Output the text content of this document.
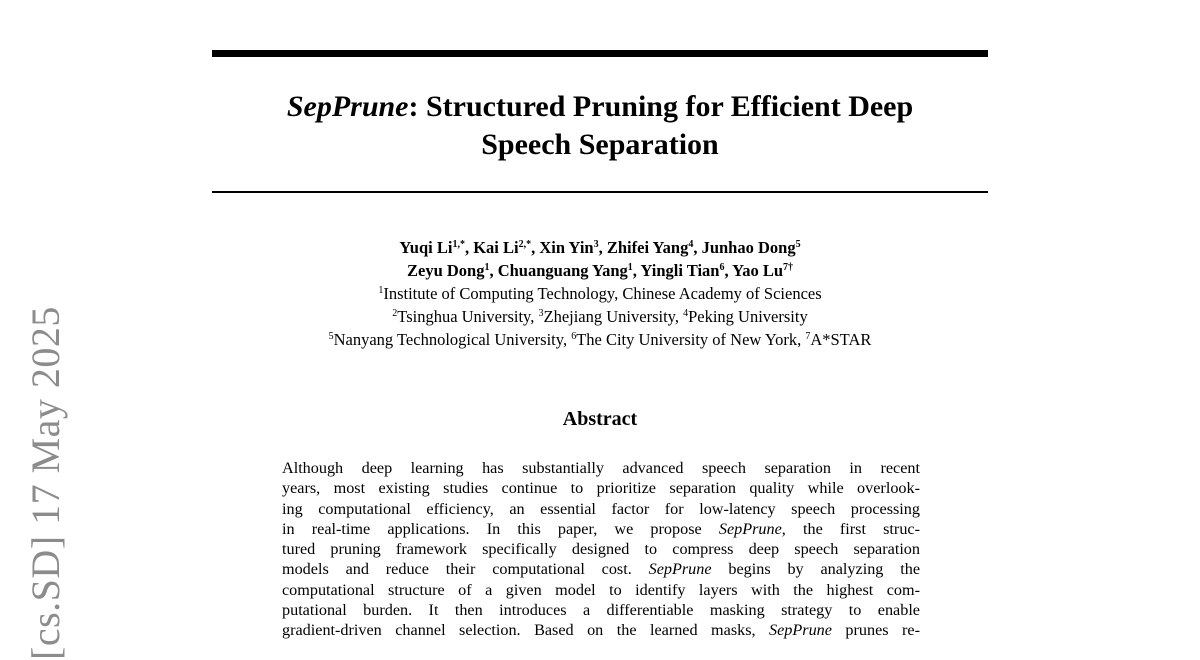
[cs.SD] 17 May 2025
SepPrune: Structured Pruning for Efficient Deep
Speech Separation
Yuqi $Li^{1,*}$, Kai $Li^{2,*}$, Xin Yin$^3$, Zhifei Yang$^4$, Junhao Dong$^5$
Zeyu Dong$^1$, Chuanguang Yang$^1$, Yingli Tian$^6$, Yao $Lu^{7\dagger}$
$^1$Institute of Computing Technology, Chinese Academy of Sciences
$^2$Tsinghua University, $^3$Zhejiang University, $^4$Peking University
$^5$Nanyang Technological University, $^6$The City University of New York, $^7$A*STAR
Abstract
Although deep learning has substantially advanced speech separation in recent
years, most existing studies continue to prioritize separation quality while overlook-
ing computational efficiency, an essential factor for low-latency speech processing
in real-time applications. In this paper, we propose SepPrune, the first struc-
tured pruning framework specifically designed to compress deep speech separation
models and reduce their computational cost. SepPrune begins by analyzing the
computational structure of a given model to identify layers with the highest com-
putational burden. It then introduces a differentiable masking strategy to enable
gradient-driven channel selection. Based on the learned masks, SepPrune prunes re-
